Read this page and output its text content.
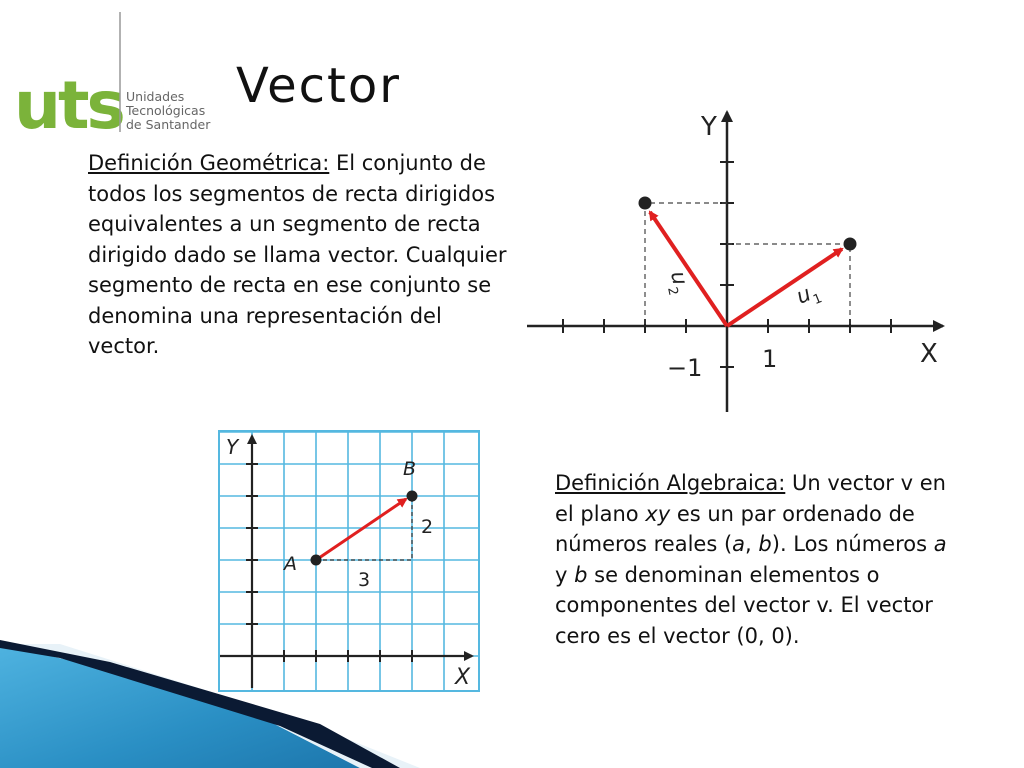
uts Unidades
Tecnológicas
de Santander
Vector
Definición Geométrica: El conjunto de todos los segmentos de recta dirigidos equivalentes a un segmento de recta dirigido dado se llama vector. Cualquier segmento de recta en ese conjunto se denomina una representación del vector.	X
Y
−1 1
u
1
u
2
Y
X
A
B
3
2
Definición Algebraica: Un vector v en el plano xy es un par ordenado de números reales (a, b). Los números a y b se denominan elementos o componentes del vector v. El vector cero es el vector (0, 0).
